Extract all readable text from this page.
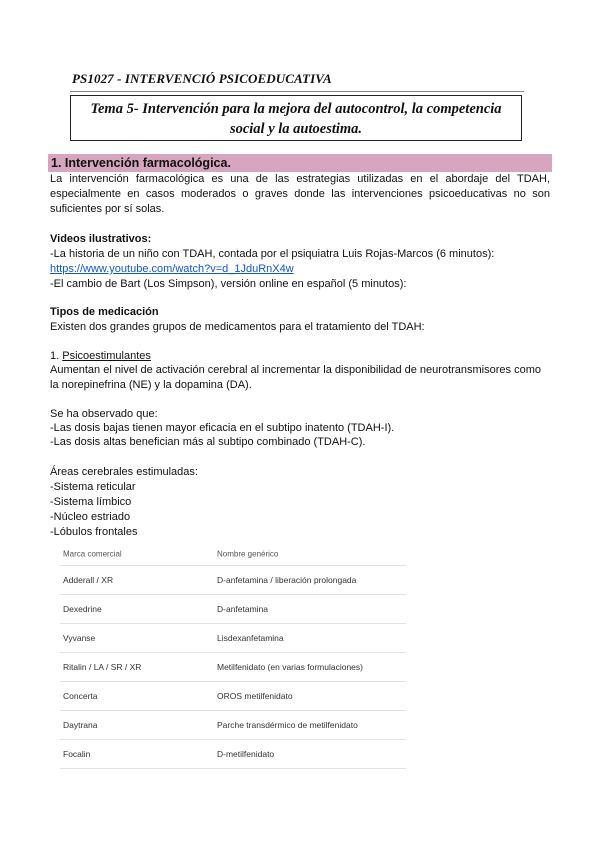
PS1027 - INTERVENCIÓ PSICOEDUCATIVA
Tema 5- Intervención para la mejora del autocontrol, la competencia social y la autoestima.
1. Intervención farmacológica.
La intervención farmacológica es una de las estrategias utilizadas en el abordaje del TDAH, especialmente en casos moderados o graves donde las intervenciones psicoeducativas no son suficientes por sí solas.
Videos ilustrativos:
-La historia de un niño con TDAH, contada por el psiquiatra Luis Rojas-Marcos (6 minutos):
https://www.youtube.com/watch?v=d_1JduRnX4w
-El cambio de Bart (Los Simpson), versión online en español (5 minutos):
Tipos de medicación
Existen dos grandes grupos de medicamentos para el tratamiento del TDAH:
1. Psicoestimulantes
Aumentan el nivel de activación cerebral al incrementar la disponibilidad de neurotransmisores como la norepinefrina (NE) y la dopamina (DA).
Se ha observado que:
-Las dosis bajas tienen mayor eficacia en el subtipo inatento (TDAH-I).
-Las dosis altas benefician más al subtipo combinado (TDAH-C).
Áreas cerebrales estimuladas:
-Sistema reticular
-Sistema límbico
-Núcleo estriado
-Lóbulos frontales
Marca comercial	Nombre genérico
Adderall / XR	D-anfetamina / liberación prolongada
Dexedrine	D-anfetamina
Vyvanse	Lisdexanfetamina
Ritalin / LA / SR / XR	Metilfenidato (en varias formulaciones)
Concerta	OROS metilfenidato
Daytrana	Parche transdérmico de metilfenidato
Focalin	D-metilfenidato
